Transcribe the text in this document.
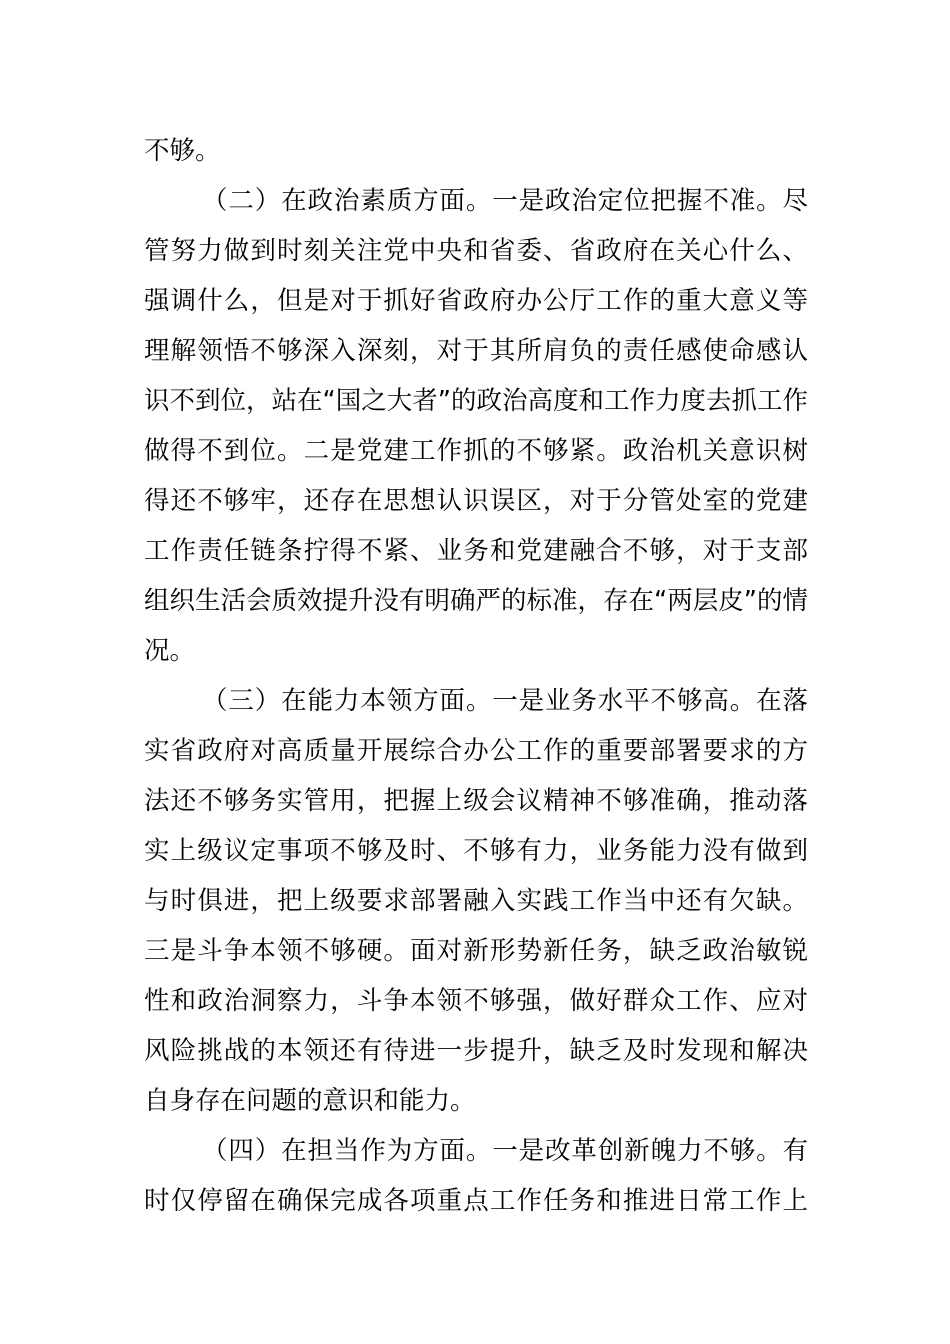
不够。
（二）在政治素质方面。一是政治定位把握不准。尽
管努力做到时刻关注党中央和省委、省政府在关心什么、
强调什么，但是对于抓好省政府办公厅工作的重大意义等
理解领悟不够深入深刻，对于其所肩负的责任感使命感认
识不到位，站在“国之大者”的政治高度和工作力度去抓工作
做得不到位。二是党建工作抓的不够紧。政治机关意识树
得还不够牢，还存在思想认识误区，对于分管处室的党建
工作责任链条拧得不紧、业务和党建融合不够，对于支部
组织生活会质效提升没有明确严的标准，存在“两层皮”的情
况。
（三）在能力本领方面。一是业务水平不够高。在落
实省政府对高质量开展综合办公工作的重要部署要求的方
法还不够务实管用，把握上级会议精神不够准确，推动落
实上级议定事项不够及时、不够有力，业务能力没有做到
与时俱进，把上级要求部署融入实践工作当中还有欠缺。
三是斗争本领不够硬。面对新形势新任务，缺乏政治敏锐
性和政治洞察力，斗争本领不够强，做好群众工作、应对
风险挑战的本领还有待进一步提升，缺乏及时发现和解决
自身存在问题的意识和能力。
（四）在担当作为方面。一是改革创新魄力不够。有
时仅停留在确保完成各项重点工作任务和推进日常工作上
